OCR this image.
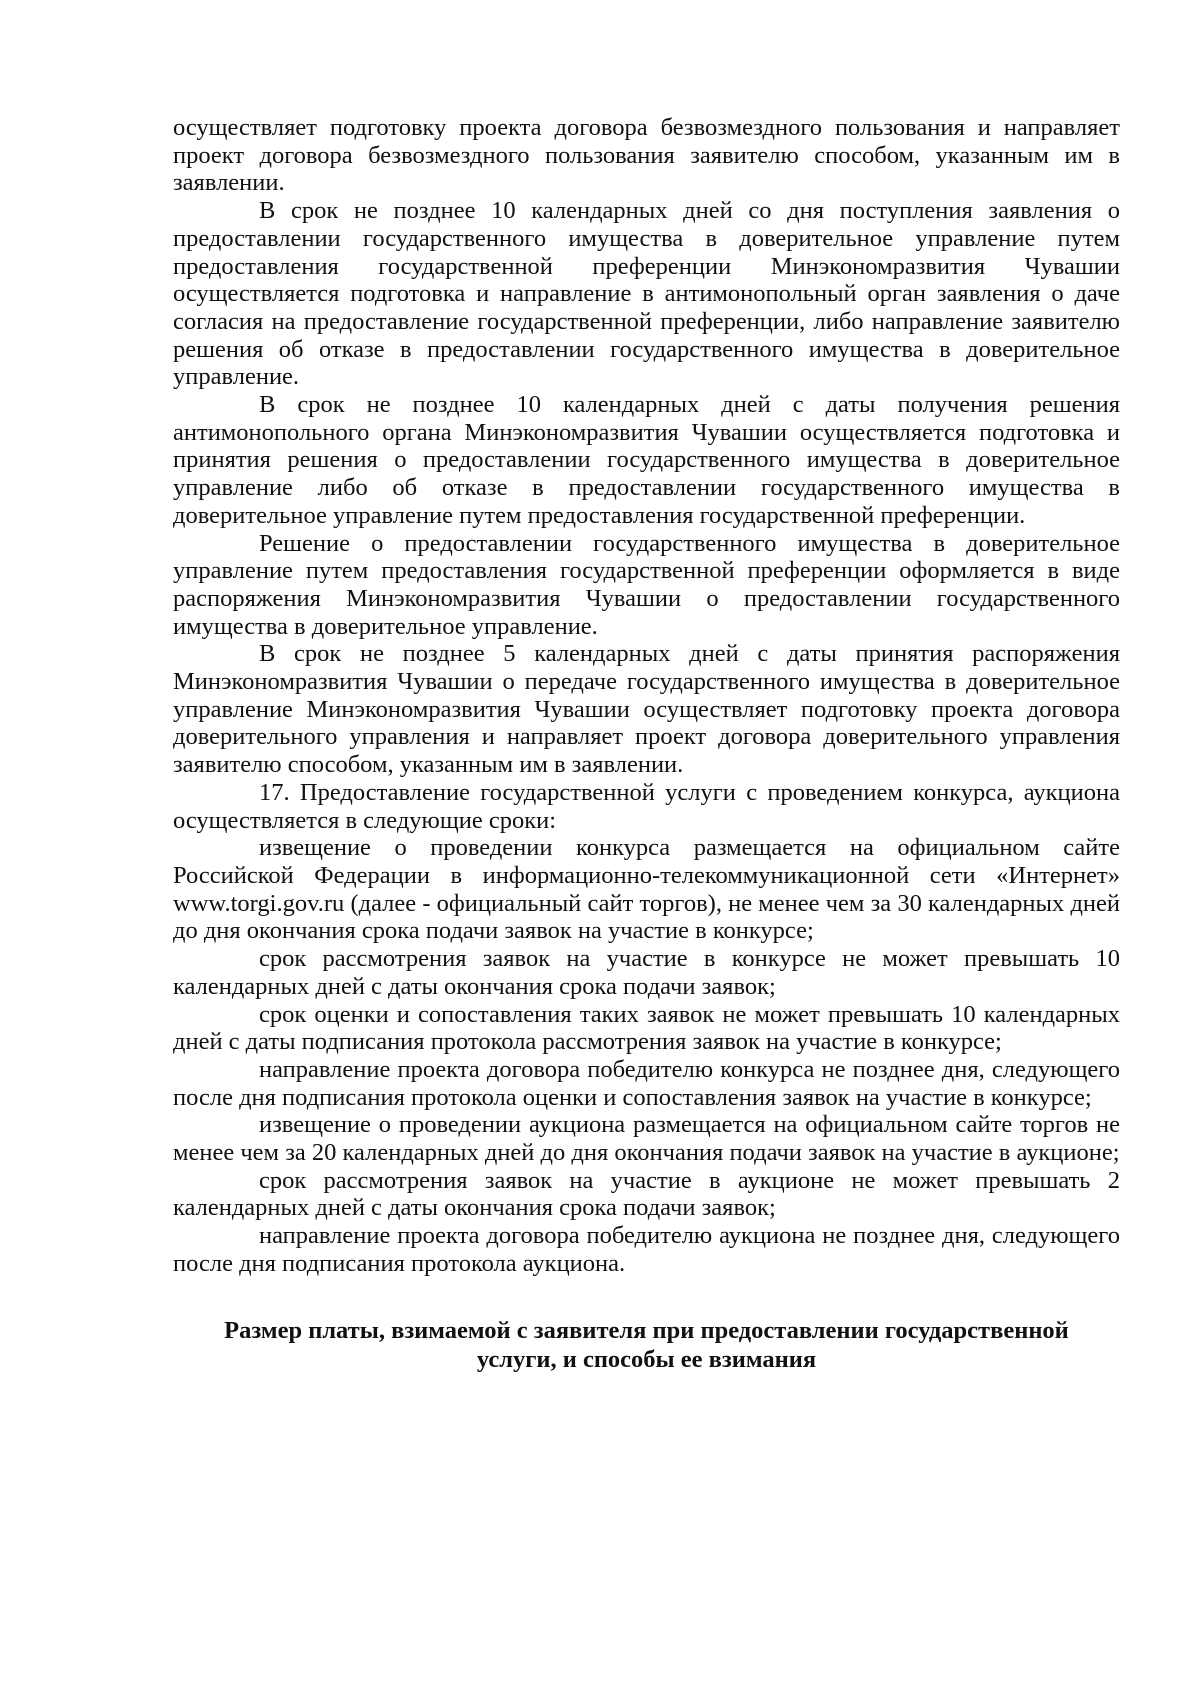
осуществляет подготовку проекта договора безвозмездного пользования и направляет проект договора безвозмездного пользования заявителю способом, указанным им в заявлении.

В срок не позднее 10 календарных дней со дня поступления заявления о предоставлении государственного имущества в доверительное управление путем предоставления государственной преференции Минэкономразвития Чувашии осуществляется подготовка и направление в антимонопольный орган заявления о даче согласия на предоставление государственной преференции, либо направление заявителю решения об отказе в предоставлении государственного имущества в доверительное управление.

В срок не позднее 10 календарных дней с даты получения решения антимонопольного органа Минэкономразвития Чувашии осуществляется подготовка и принятия решения о предоставлении государственного имущества в доверительное управление либо об отказе в предоставлении государственного имущества в доверительное управление путем предоставления государственной преференции.

Решение о предоставлении государственного имущества в доверительное управление путем предоставления государственной преференции оформляется в виде распоряжения Минэкономразвития Чувашии о предоставлении государственного имущества в доверительное управление.

В срок не позднее 5 календарных дней с даты принятия распоряжения Минэкономразвития Чувашии о передаче государственного имущества в доверительное управление Минэкономразвития Чувашии осуществляет подготовку проекта договора доверительного управления и направляет проект договора доверительного управления заявителю способом, указанным им в заявлении.

17. Предоставление государственной услуги с проведением конкурса, аукциона осуществляется в следующие сроки:

извещение о проведении конкурса размещается на официальном сайте Российской Федерации в информационно-телекоммуникационной сети «Интернет» www.torgi.gov.ru (далее - официальный сайт торгов), не менее чем за 30 календарных дней до дня окончания срока подачи заявок на участие в конкурсе;

срок рассмотрения заявок на участие в конкурсе не может превышать 10 календарных дней с даты окончания срока подачи заявок;

срок оценки и сопоставления таких заявок не может превышать 10 календарных дней с даты подписания протокола рассмотрения заявок на участие в конкурсе;

направление проекта договора победителю конкурса не позднее дня, следующего после дня подписания протокола оценки и сопоставления заявок на участие в конкурсе;

извещение о проведении аукциона размещается на официальном сайте торгов не менее чем за 20 календарных дней до дня окончания подачи заявок на участие в аукционе;

срок рассмотрения заявок на участие в аукционе не может превышать 2 календарных дней с даты окончания срока подачи заявок;

направление проекта договора победителю аукциона не позднее дня, следующего после дня подписания протокола аукциона.

Размер платы, взимаемой с заявителя при предоставлении государственной услуги, и способы ее взимания
